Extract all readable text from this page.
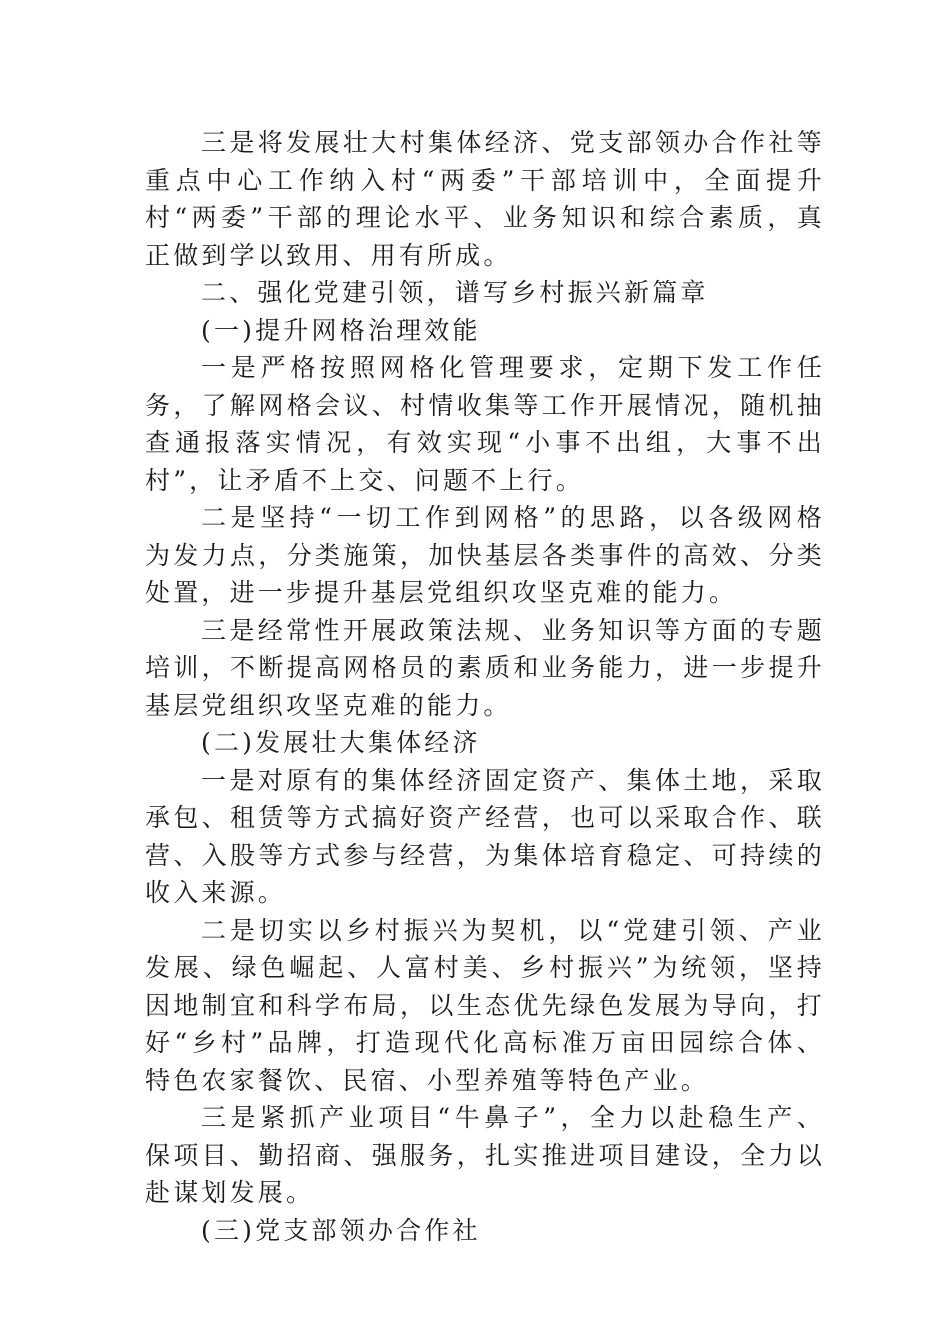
三是将发展壮大村集体经济、党支部领办合作社等重点中心工作纳入村“两委”干部培训中，全面提升村“两委”干部的理论水平、业务知识和综合素质，真正做到学以致用、用有所成。

二、强化党建引领，谱写乡村振兴新篇章

(一)提升网格治理效能

一是严格按照网格化管理要求，定期下发工作任务，了解网格会议、村情收集等工作开展情况，随机抽查通报落实情况，有效实现“小事不出组，大事不出村”，让矛盾不上交、问题不上行。

二是坚持“一切工作到网格”的思路，以各级网格为发力点，分类施策，加快基层各类事件的高效、分类处置，进一步提升基层党组织攻坚克难的能力。

三是经常性开展政策法规、业务知识等方面的专题培训，不断提高网格员的素质和业务能力，进一步提升基层党组织攻坚克难的能力。

(二)发展壮大集体经济

一是对原有的集体经济固定资产、集体土地，采取承包、租赁等方式搞好资产经营，也可以采取合作、联营、入股等方式参与经营，为集体培育稳定、可持续的收入来源。

二是切实以乡村振兴为契机，以“党建引领、产业发展、绿色崛起、人富村美、乡村振兴”为统领，坚持因地制宜和科学布局，以生态优先绿色发展为导向，打好“乡村”品牌，打造现代化高标准万亩田园综合体、特色农家餐饮、民宿、小型养殖等特色产业。

三是紧抓产业项目“牛鼻子”，全力以赴稳生产、保项目、勤招商、强服务，扎实推进项目建设，全力以赴谋划发展。

(三)党支部领办合作社
